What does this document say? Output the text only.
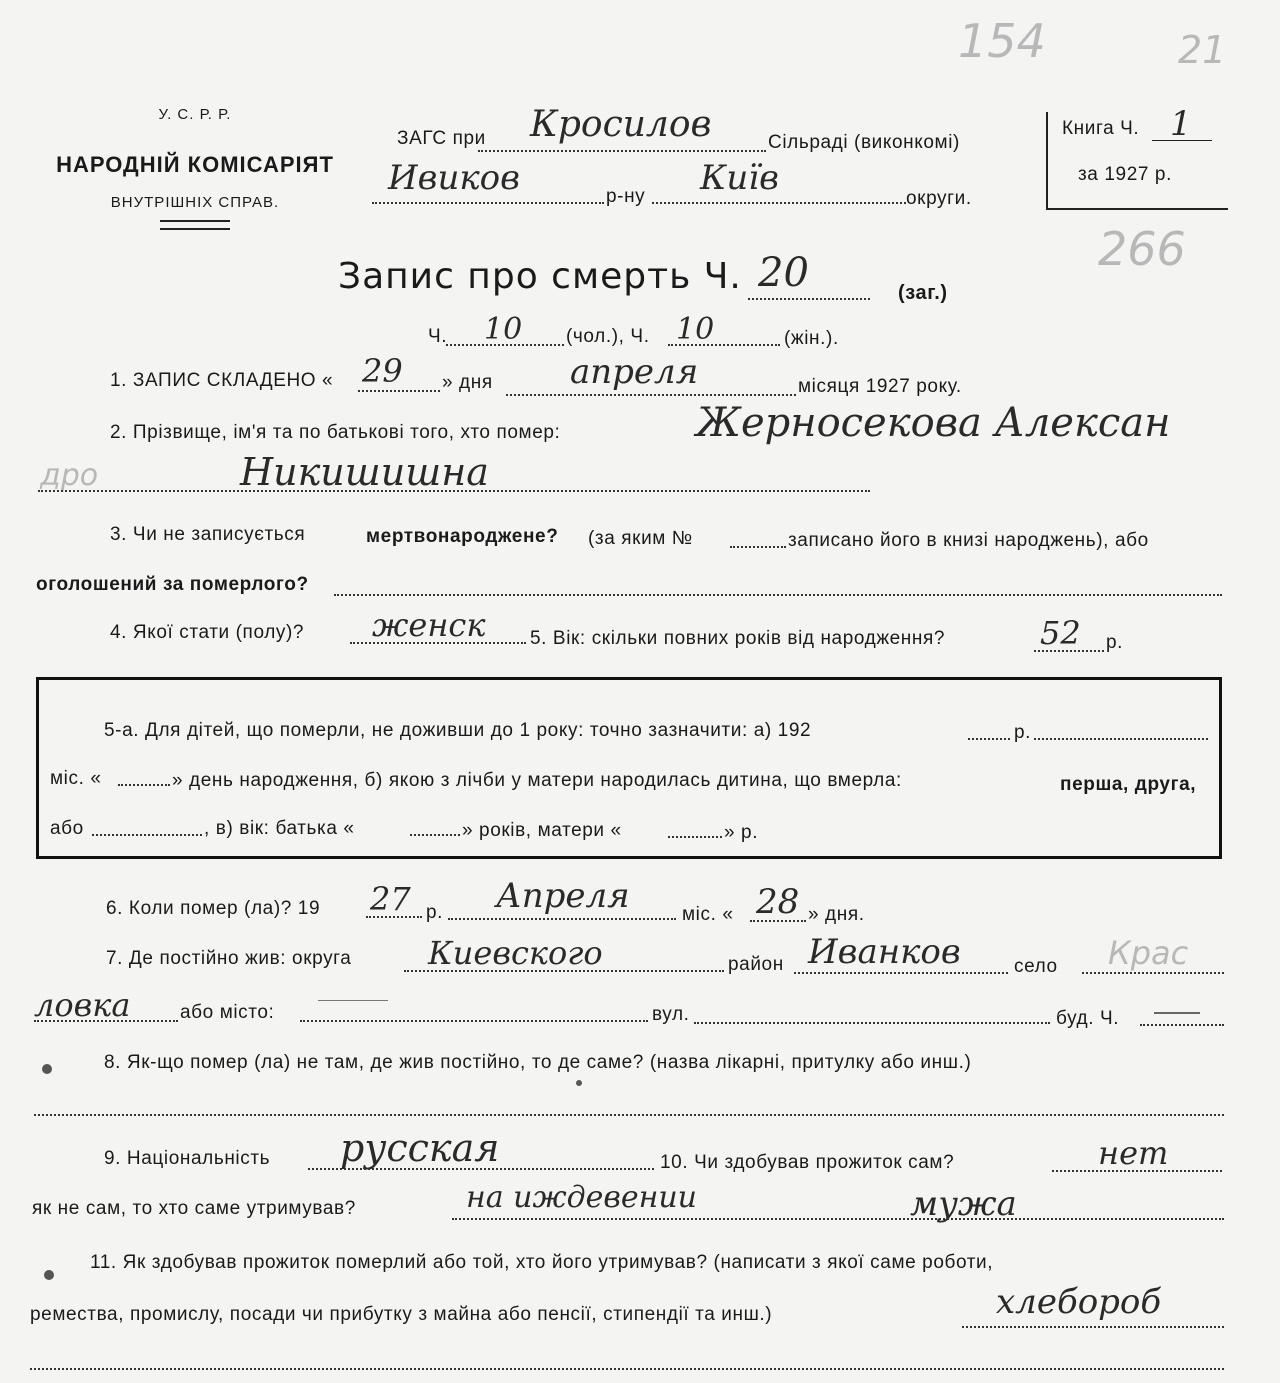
154	21
266
У. С. Р. Р.
НАРОДНІЙ КОМІСАРІЯТ
ВНУТРІШНІХ СПРАВ.
ЗАГС при Кросилов	Сільраді (виконкомі)
Ивиков	р-ну Київ
округи.
Книга Ч. 1
за 1927 р.
Запис про смерть Ч. 20	(заг.)
Ч. 10 (чол.), Ч. 10	(жін.).
1. ЗАПИС СКЛАДЕНО « 29 » дня апреля	місяця 1927 року.
2. Прізвище, ім'я та по батькові того, хто помер:	Жерносекова Алексан
дро	Никишишна
3. Чи не записується	мертвонароджене? (за яким №	записано його в книзі народжень), або
оголошений за померлого?
4. Якої стати (полу)? женск 5. Вік: скільки повних років від народження?	52 р.
5-а. Для дітей, що померли, не доживши до 1 року: точно зазначити: а) 192	р.
міс. «	» день народження, б) якою з лічби у матери народилась дитина, що вмерла:	перша, друга,
або	, в) вік: батька «	» років, матери «	» р.
6. Коли помер (ла)? 19 27 р. Апреля	міс. « 28 » дня.
7. Де постійно жив: округа Киевского	район Иванков	село Крас
ловка	або місто:	вул.	буд. Ч.
8. Як-що помер (ла) не там, де жив постійно, то де саме? (назва лікарні, притулку або инш.)
9. Національність русская	10. Чи здобував прожиток сам?	нет
як не сам, то хто саме утримував?	на иждевении	мужа
11. Як здобував прожиток померлий або той, хто його утримував? (написати з якої саме роботи,
ремества, промислу, посади чи прибутку з майна або пенсії, стипендії та инш.)	хлебороб
